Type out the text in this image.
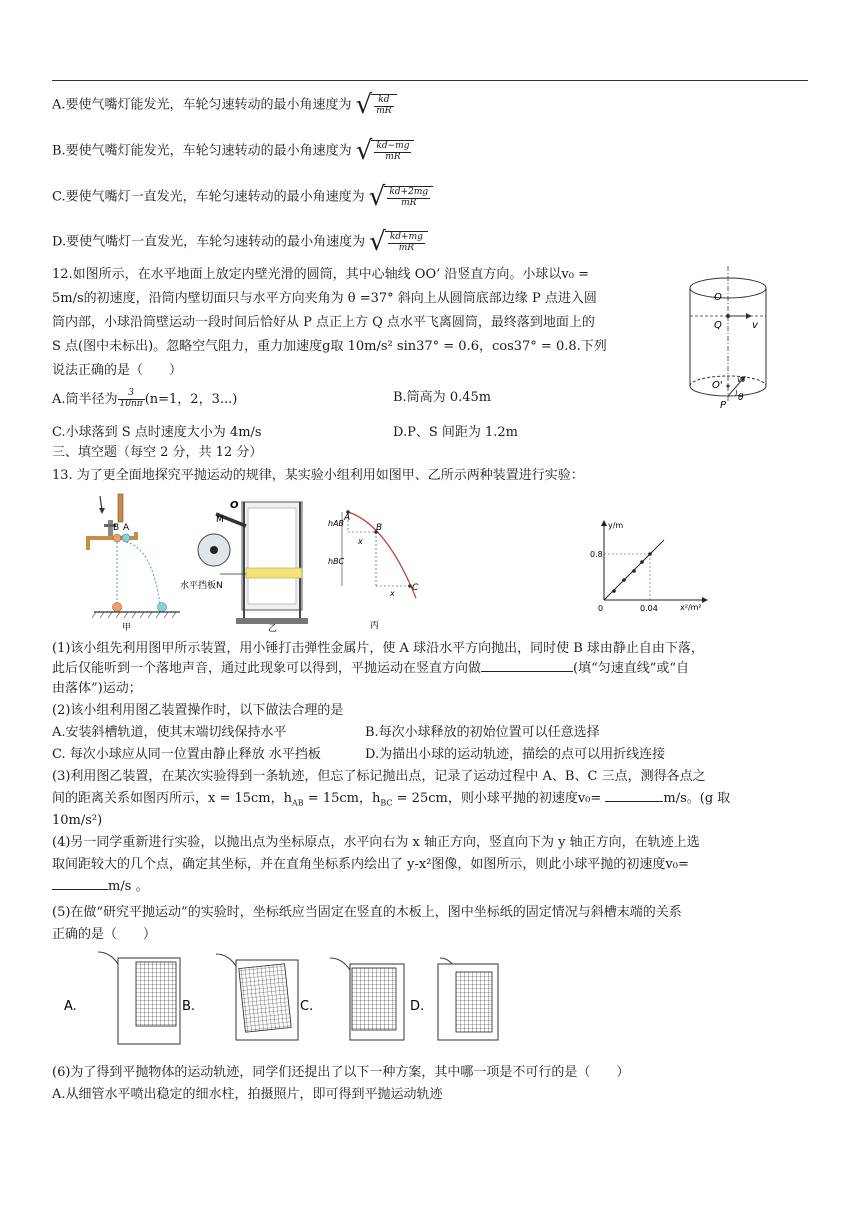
A.要使气嘴灯能发光，车轮匀速转动的最小角速度为 √ $\frac{kd}{mR}$
B.要使气嘴灯能发光，车轮匀速转动的最小角速度为 √ $\frac{kd-mg}{mR}$
C.要使气嘴灯一直发光，车轮匀速转动的最小角速度为 √ $\frac{kd+2mg}{mR}$
D.要使气嘴灯一直发光，车轮匀速转动的最小角速度为 √ $\frac{kd+mg}{mR}$
12.如图所示，在水平地面上放定内壁光滑的圆筒，其中心轴线 OO’ 沿竖直方向。小球以v₀ =
5m/s的初速度，沿筒内壁切面只与水平方向夹角为 θ =37° 斜向上从圆筒底部边缘 P 点进入圆
筒内部，小球沿筒壁运动一段时间后恰好从 P 点正上方 Q 点水平飞离圆筒，最终落到地面上的
S 点(图中未标出)。忽略空气阻力，重力加速度g取 10m/s² sin37° = 0.6，cos37° = 0.8.下列
说法正确的是（　　）
A.筒半径为 $\frac{3}{10n\pi} (n=1$，2，3...)	B.筒高为 0.45m
C.小球落到 S 点时速度大小为 4m/s	D.P、S 间距为 1.2m
O
Q	v
O'
v₀
θ
P
三、填空题（每空 2 分，共 12 分）
13. 为了更全面地探究平抛运动的规律，某实验小组利用如图甲、乙所示两种装置进行实验：
B A
甲
O
M
水平挡板N
乙
A
B
C
hAB
hBC
x
x
丙
y/m
0.8
0.04	x²/m²
0
(1)该小组先利用图甲所示装置，用小锤打击弹性金属片，使 A 球沿水平方向抛出，同时使 B 球由静止自由下落，
此后仅能听到一个落地声音，通过此现象可以得到，平抛运动在竖直方向做	(填“匀速直线”或“自
由落体”)运动；
(2)该小组利用图乙装置操作时，以下做法合理的是
A.安装斜槽轨道，使其末端切线保持水平	B.每次小球释放的初始位置可以任意选择
C. 每次小球应从同一位置由静止释放 水平挡板	D.为描出小球的运动轨迹，描绘的点可以用折线连接
(3)利用图乙装置，在某次实验得到一条轨迹，但忘了标记抛出点，记录了运动过程中 A、B、C 三点，测得各点之
间的距离关系如图丙所示，x = 15cm，$h_{AB} = 15cm$，$h_{BC} = 25cm$，则小球平抛的初速度v₀=	m/s。(g 取
10m/s²)
(4)另一同学重新进行实验，以抛出点为坐标原点，水平向右为 x 轴正方向，竖直向下为 y 轴正方向，在轨迹上选
取间距较大的几个点，确定其坐标，并在直角坐标系内绘出了 y-x²图像，如图所示，则此小球平抛的初速度v₀=
m/s 。
(5)在做“研究平抛运动”的实验时，坐标纸应当固定在竖直的木板上，图中坐标纸的固定情况与斜槽末端的关系
正确的是（　　）
A.	B.	C.	D.
(6)为了得到平抛物体的运动轨迹，同学们还提出了以下一种方案，其中哪一项是不可行的是（　　）
A.从细管水平喷出稳定的细水柱，拍摄照片，即可得到平抛运动轨迹
